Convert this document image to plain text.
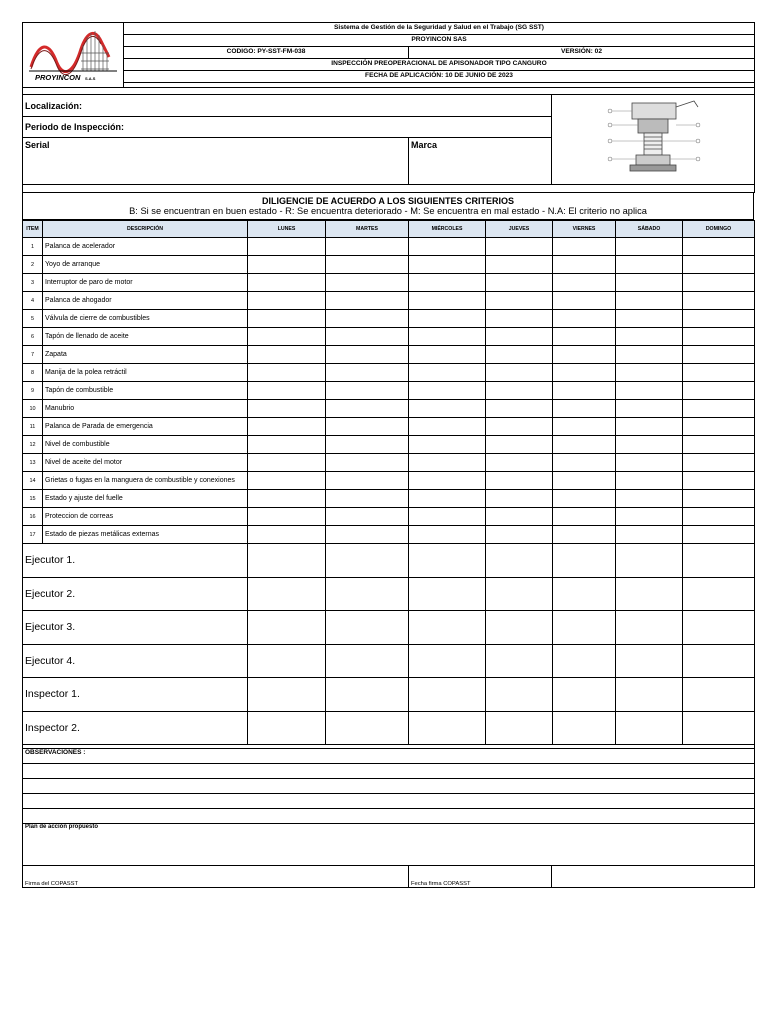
PROYINCON S.A.S	Sistema de Gestión de la Seguridad y Salud en el Trabajo (SG SST)	
	PROYINCON SAS	
	CODIGO: PY-SST-FM-038	VERSIÓN: 02
	INSPECCIÓN PREOPERACIONAL DE APISONADOR TIPO CANGURO	
	FECHA DE APLICACIÓN: 10 DE JUNIO DE 2023	

Localización:	
Periodo de Inspección:		
Serial	Marca	

DILIGENCIE DE ACUERDO A LOS SIGUIENTES CRITERIOS
B: Si se encuentran en buen estado - R: Se encuentra deteriorado - M: Se encuentra en mal estado - N.A: El criterio no aplica
ITEM	DESCRIPCIÓN	LUNES	MARTES	MIÉRCOLES	JUEVES	VIERNES	SÁBADO	DOMINGO
1	Palanca de acelerador							
2	Yoyo de arranque							
3	Interruptor de paro de motor							
4	Palanca de ahogador							
5	Válvula de cierre de combustibles							
6	Tapón de llenado de aceite							
7	Zapata							
8	Manija de la polea retráctil							
9	Tapón de combustible							
10	Manubrio							
11	Palanca de Parada de emergencia							
12	Nivel de combustible							
13	Nivel de aceite del motor							
14	Grietas o fugas en la manguera de combustible y conexiones							
15	Estado y ajuste del fuelle							
16	Proteccion de correas							
17	Estado de piezas metálicas externas							
Ejecutor 1.								
Ejecutor 2.								
Ejecutor 3.								
Ejecutor 4.								
Inspector 1.								
Inspector 2.								

OBSERVACIONES :

Plan de acción propuesto
Firma del COPASST	Fecha firma COPASST	
